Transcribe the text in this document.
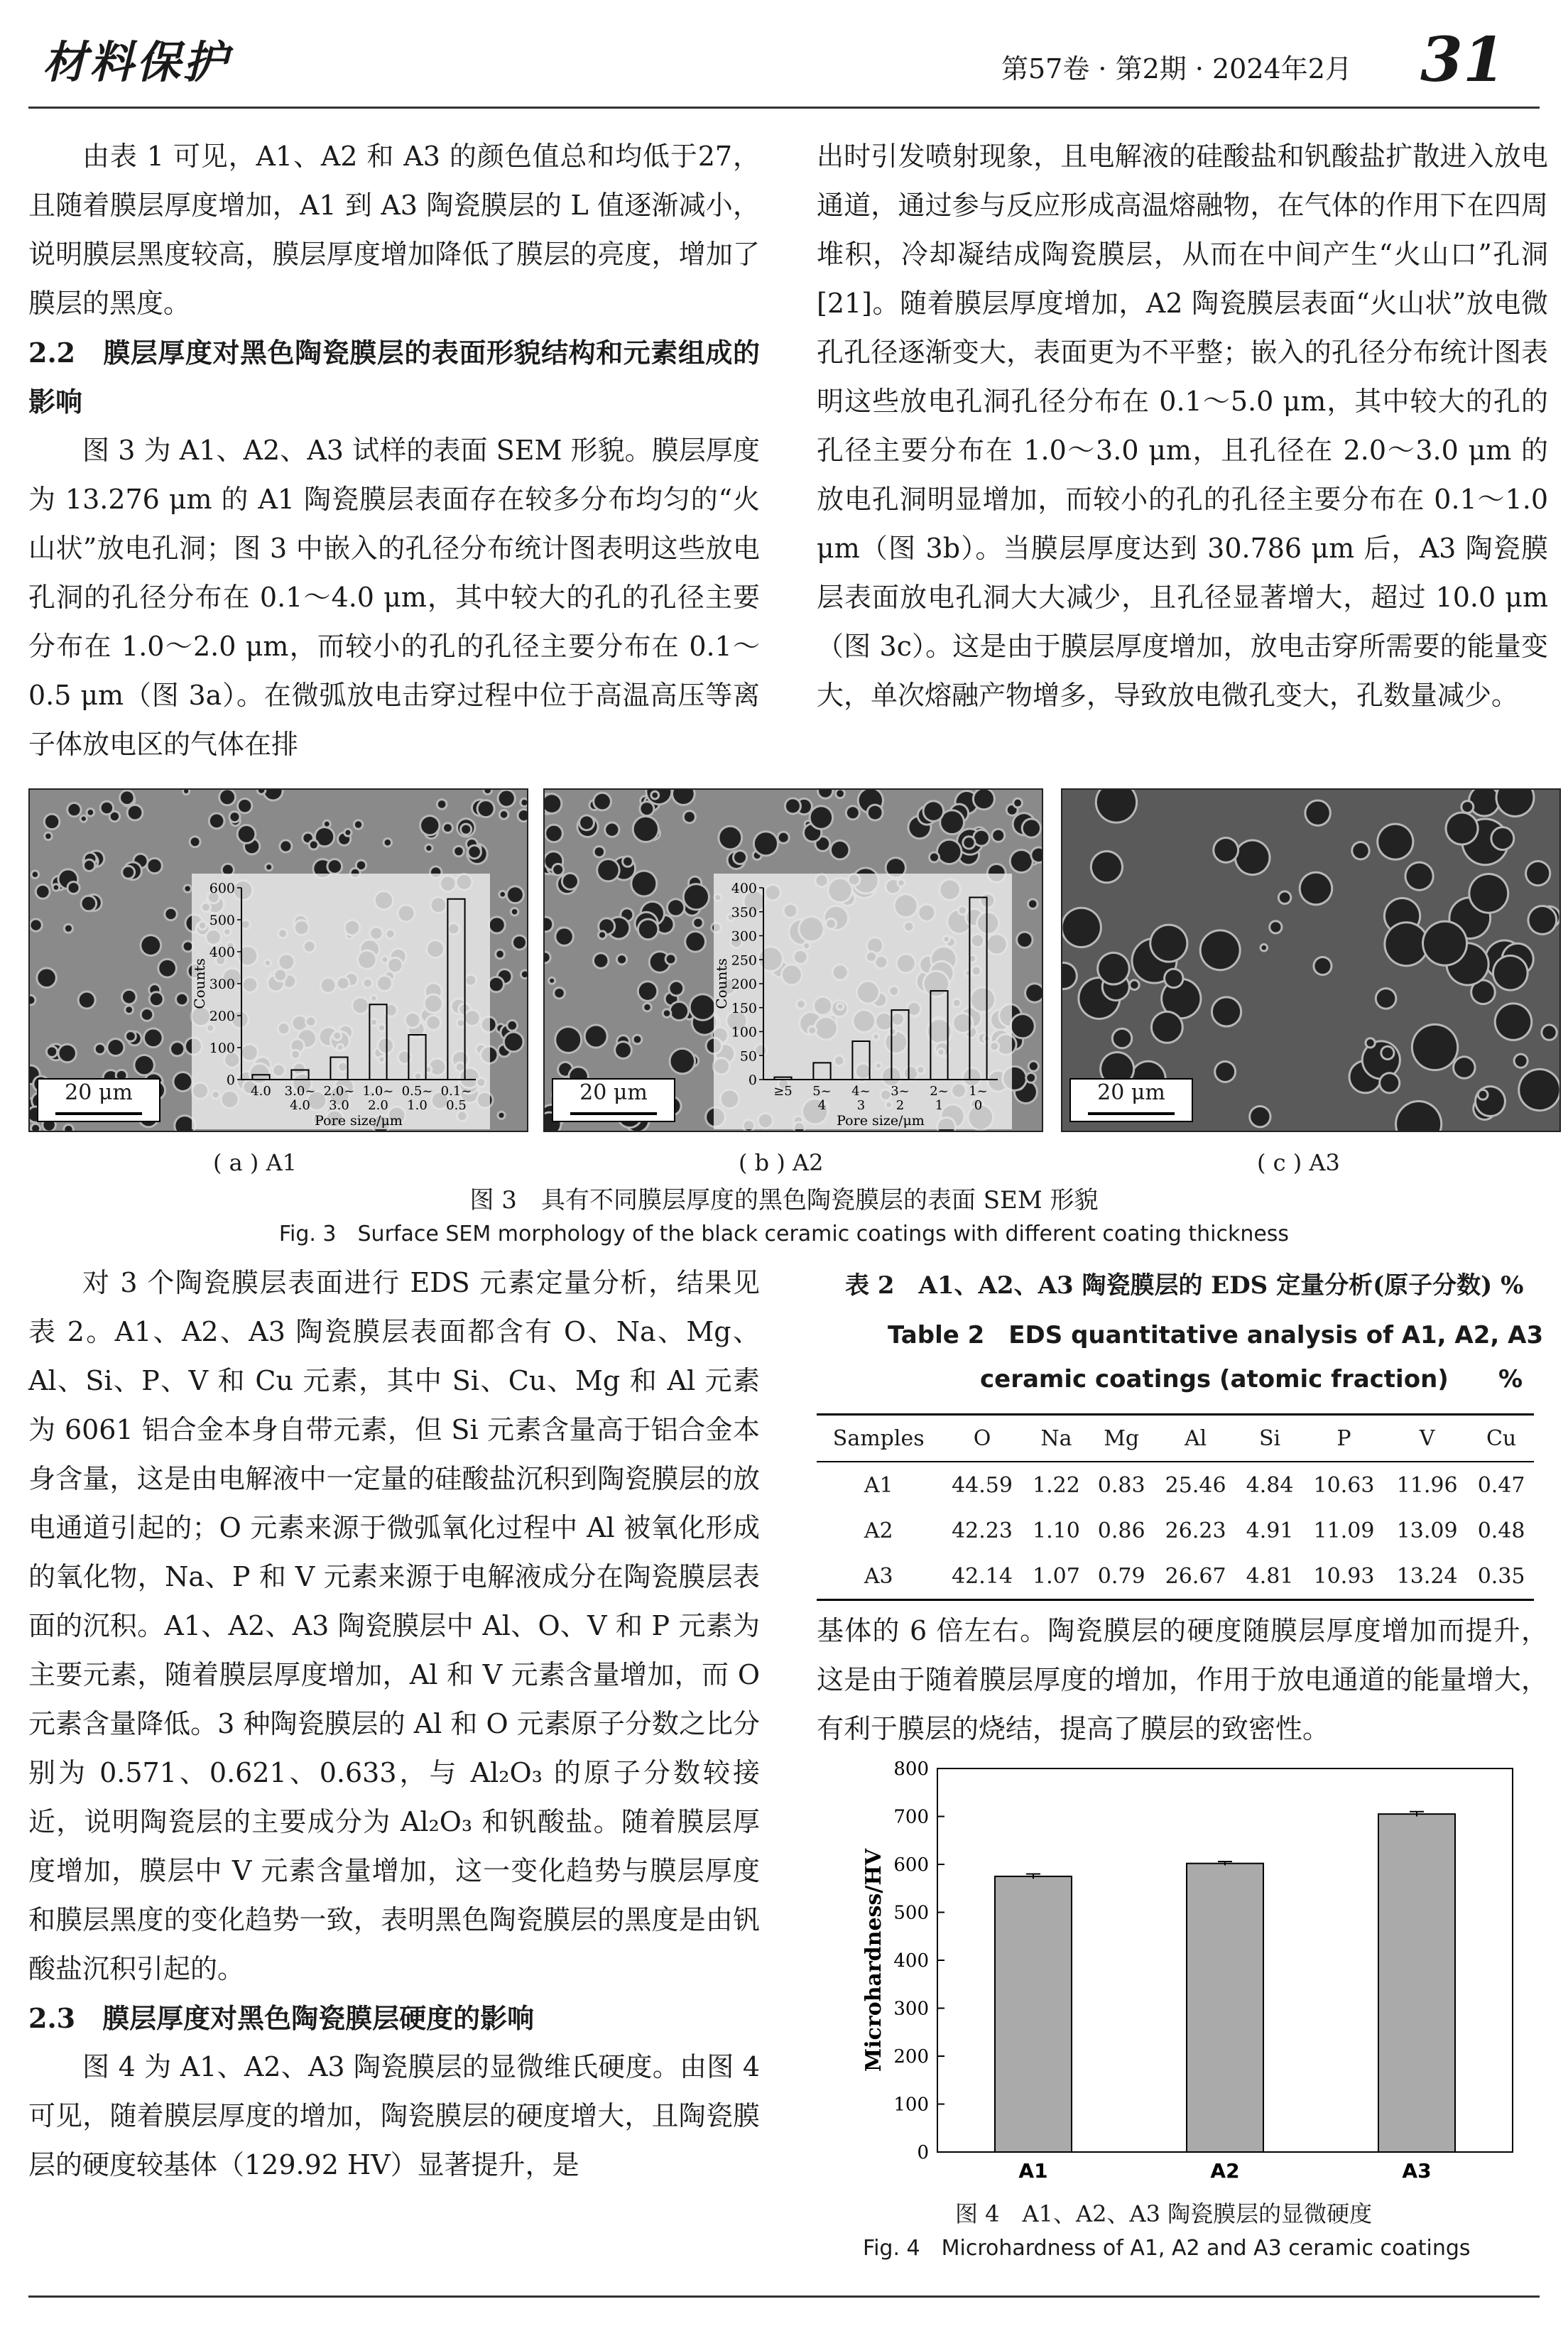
材料保护	第57卷 · 第2期 · 2024年2月 31

由表 1 可见，A1、A2 和 A3 的颜色值总和均低于27，且随着膜层厚度增加，A1 到 A3 陶瓷膜层的 L 值逐渐减小，说明膜层黑度较高，膜层厚度增加降低了膜层的亮度，增加了膜层的黑度。

2.2　膜层厚度对黑色陶瓷膜层的表面形貌结构和元素组成的影响

图 3 为 A1、A2、A3 试样的表面 SEM 形貌。膜层厚度为 13.276 μm 的 A1 陶瓷膜层表面存在较多分布均匀的“火山状”放电孔洞；图 3 中嵌入的孔径分布统计图表明这些放电孔洞的孔径分布在 0.1～4.0 μm，其中较大的孔的孔径主要分布在 1.0～2.0 μm，而较小的孔的孔径主要分布在 0.1～0.5 μm（图 3a）。在微弧放电击穿过程中位于高温高压等离子体放电区的气体在排

出时引发喷射现象，且电解液的硅酸盐和钒酸盐扩散进入放电通道，通过参与反应形成高温熔融物，在气体的作用下在四周堆积，冷却凝结成陶瓷膜层，从而在中间产生“火山口”孔洞[21]。随着膜层厚度增加，A2 陶瓷膜层表面“火山状”放电微孔孔径逐渐变大，表面更为不平整；嵌入的孔径分布统计图表明这些放电孔洞孔径分布在 0.1～5.0 μm，其中较大的孔的孔径主要分布在 1.0～3.0 μm，且孔径在 2.0～3.0 μm 的放电孔洞明显增加，而较小的孔的孔径主要分布在 0.1～1.0 μm（图 3b）。当膜层厚度达到 30.786 μm 后，A3 陶瓷膜层表面放电孔洞大大减少，且孔径显著增大，超过 10.0 μm（图 3c）。这是由于膜层厚度增加，放电击穿所需要的能量变大，单次熔融产物增多，导致放电微孔变大，孔数量减少。

0
100
200
300
400
500
600
4.0 3.0~
4.0
2.0~
3.0
1.0~
2.0
0.5~
1.0
0.1~
0.5
Pore size/μm
Counts
20 μm	0
50
100
150
200
250
300
350
400
≥5 5~
4
4~
3
3~
2
2~
1
1~
0
Pore size/μm
Counts
20 μm	20 μm
( a ) A1	( b ) A2	( c ) A3
图 3　具有不同膜层厚度的黑色陶瓷膜层的表面 SEM 形貌
Fig. 3　Surface SEM morphology of the black ceramic coatings with different coating thickness

对 3 个陶瓷膜层表面进行 EDS 元素定量分析，结果见表 2。A1、A2、A3 陶瓷膜层表面都含有 O、Na、Mg、Al、Si、P、V 和 Cu 元素，其中 Si、Cu、Mg 和 Al 元素为 6061 铝合金本身自带元素，但 Si 元素含量高于铝合金本身含量，这是由电解液中一定量的硅酸盐沉积到陶瓷膜层的放电通道引起的；O 元素来源于微弧氧化过程中 Al 被氧化形成的氧化物，Na、P 和 V 元素来源于电解液成分在陶瓷膜层表面的沉积。A1、A2、A3 陶瓷膜层中 Al、O、V 和 P 元素为主要元素，随着膜层厚度增加，Al 和 V 元素含量增加，而 O 元素含量降低。3 种陶瓷膜层的 Al 和 O 元素原子分数之比分别为 0.571、0.621、0.633，与 Al₂O₃ 的原子分数较接近，说明陶瓷层的主要成分为 Al₂O₃ 和钒酸盐。随着膜层厚度增加，膜层中 V 元素含量增加，这一变化趋势与膜层厚度和膜层黑度的变化趋势一致，表明黑色陶瓷膜层的黑度是由钒酸盐沉积引起的。

2.3　膜层厚度对黑色陶瓷膜层硬度的影响

图 4 为 A1、A2、A3 陶瓷膜层的显微维氏硬度。由图 4 可见，随着膜层厚度的增加，陶瓷膜层的硬度增大，且陶瓷膜层的硬度较基体（129.92 HV）显著提升，是

表 2　A1、A2、A3 陶瓷膜层的 EDS 定量分析(原子分数) %
Table 2　EDS quantitative analysis of A1, A2, A3
ceramic coatings (atomic fraction) %
Samples	O	Na	Mg	Al	Si	P	V	Cu
A1	44.59	1.22	0.83	25.46	4.84	10.63	11.96	0.47
A2	42.23	1.10	0.86	26.23	4.91	11.09	13.09	0.48
A3	42.14	1.07	0.79	26.67	4.81	10.93	13.24	0.35

基体的 6 倍左右。陶瓷膜层的硬度随膜层厚度增加而提升，这是由于随着膜层厚度的增加，作用于放电通道的能量增大，有利于膜层的烧结，提高了膜层的致密性。

0
100
200
300
400
500
600
700
800
A1	A2	A3
Microhardness/HV
图 4　A1、A2、A3 陶瓷膜层的显微硬度
Fig. 4　Microhardness of A1, A2 and A3 ceramic coatings
